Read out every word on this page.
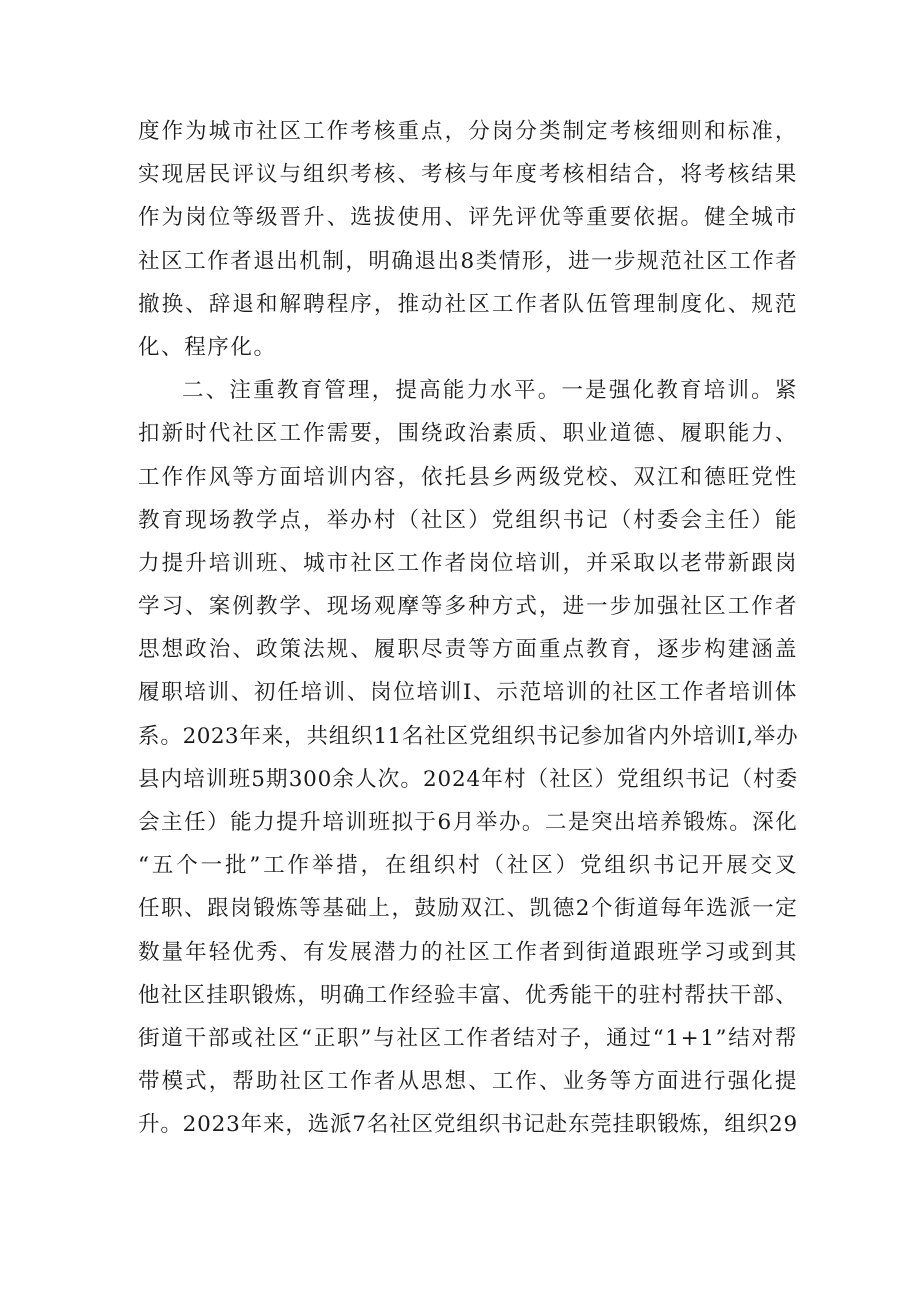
度作为城市社区工作考核重点，分岗分类制定考核细则和标准，
实现居民评议与组织考核、考核与年度考核相结合，将考核结果
作为岗位等级晋升、选拔使用、评先评优等重要依据。健全城市
社区工作者退出机制，明确退出8类情形，进一步规范社区工作者
撤换、辞退和解聘程序，推动社区工作者队伍管理制度化、规范
化、程序化。
二、注重教育管理，提高能力水平。一是强化教育培训。紧
扣新时代社区工作需要，围绕政治素质、职业道德、履职能力、
工作作风等方面培训内容，依托县乡两级党校、双江和德旺党性
教育现场教学点，举办村（社区）党组织书记（村委会主任）能
力提升培训班、城市社区工作者岗位培训，并采取以老带新跟岗
学习、案例教学、现场观摩等多种方式，进一步加强社区工作者
思想政治、政策法规、履职尽责等方面重点教育，逐步构建涵盖
履职培训、初任培训、岗位培训I、示范培训的社区工作者培训体
系。2023年来，共组织11名社区党组织书记参加省内外培训I,举办
县内培训班5期300余人次。2024年村（社区）党组织书记（村委
会主任）能力提升培训班拟于6月举办。二是突出培养锻炼。深化
“五个一批”工作举措，在组织村（社区）党组织书记开展交叉
任职、跟岗锻炼等基础上，鼓励双江、凯德2个街道每年选派一定
数量年轻优秀、有发展潜力的社区工作者到街道跟班学习或到其
他社区挂职锻炼，明确工作经验丰富、优秀能干的驻村帮扶干部、
街道干部或社区“正职”与社区工作者结对子，通过“1+1”结对帮
带模式，帮助社区工作者从思想、工作、业务等方面进行强化提
升。2023年来，选派7名社区党组织书记赴东莞挂职锻炼，组织29
